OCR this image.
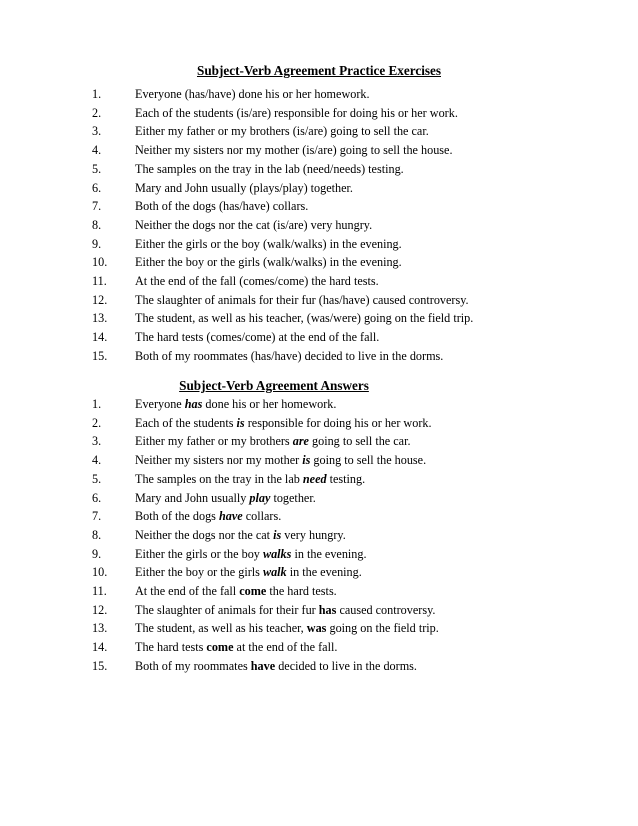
Subject-Verb Agreement Practice Exercises
1.	Everyone (has/have) done his or her homework.
2.	Each of the students (is/are) responsible for doing his or her work.
3.	Either my father or my brothers (is/are) going to sell the car.
4.	Neither my sisters nor my mother (is/are) going to sell the house.
5.	The samples on the tray in the lab (need/needs) testing.
6.	Mary and John usually (plays/play) together.
7.	Both of the dogs (has/have) collars.
8.	Neither the dogs nor the cat (is/are) very hungry.
9.	Either the girls or the boy (walk/walks) in the evening.
10. Either the boy or the girls (walk/walks) in the evening.
11. At the end of the fall (comes/come) the hard tests.
12. The slaughter of animals for their fur (has/have) caused controversy.
13. The student, as well as his teacher, (was/were) going on the field trip.
14. The hard tests (comes/come) at the end of the fall.
15. Both of my roommates (has/have) decided to live in the dorms.
Subject-Verb Agreement Answers
1.	Everyone has done his or her homework.
2.	Each of the students is responsible for doing his or her work.
3.	Either my father or my brothers are going to sell the car.
4.	Neither my sisters nor my mother is going to sell the house.
5.	The samples on the tray in the lab need testing.
6.	Mary and John usually play together.
7.	Both of the dogs have collars.
8.	Neither the dogs nor the cat is very hungry.
9.	Either the girls or the boy walks in the evening.
10. Either the boy or the girls walk in the evening.
11. At the end of the fall come the hard tests.
12. The slaughter of animals for their fur has caused controversy.
13. The student, as well as his teacher, was going on the field trip.
14. The hard tests come at the end of the fall.
15. Both of my roommates have decided to live in the dorms.
